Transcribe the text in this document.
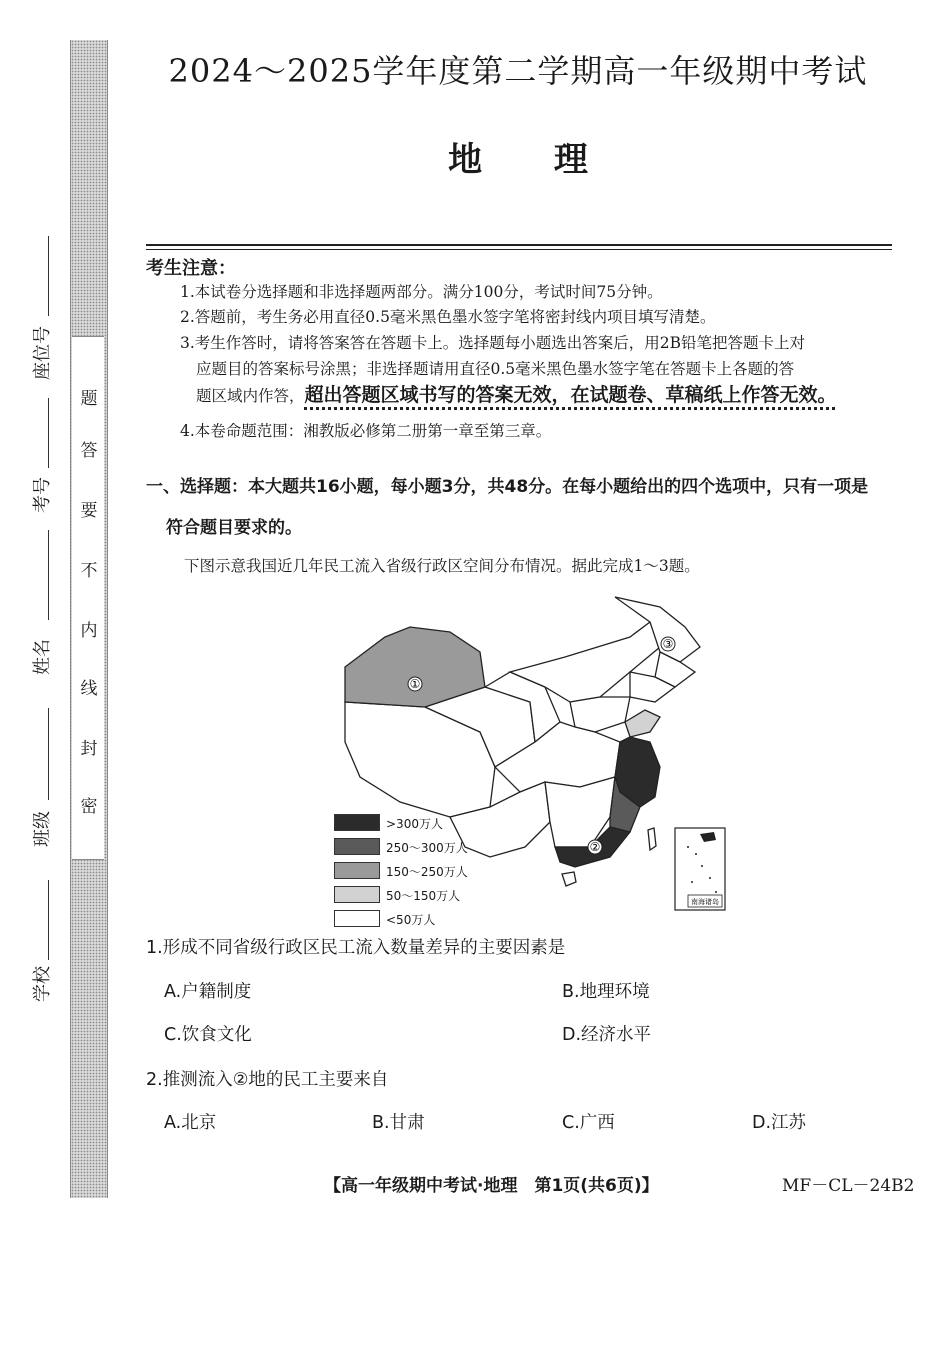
题
答
要
不
内
线
封
密
学校
班级
姓名
考号
座位号
2024～2025学年度第二学期高一年级期中考试
地 理
考生注意：
1.本试卷分选择题和非选择题两部分。满分100分，考试时间75分钟。
2.答题前，考生务必用直径0.5毫米黑色墨水签字笔将密封线内项目填写清楚。
3.考生作答时，请将答案答在答题卡上。选择题每小题选出答案后，用2B铅笔把答题卡上对
应题目的答案标号涂黑；非选择题请用直径0.5毫米黑色墨水签字笔在答题卡上各题的答
题区域内作答，超出答题区域书写的答案无效，在试题卷、草稿纸上作答无效。
4.本卷命题范围：湘教版必修第二册第一章至第三章。
一、选择题：本大题共16小题，每小题3分，共48分。在每小题给出的四个选项中，只有一项是
符合题目要求的。
下图示意我国近几年民工流入省级行政区空间分布情况。据此完成1～3题。
①
②
③
南海诸岛
>300万人
250～300万人
150～250万人
50～150万人
<50万人
1.形成不同省级行政区民工流入数量差异的主要因素是
A.户籍制度	B.地理环境
C.饮食文化	D.经济水平
2.推测流入②地的民工主要来自
A.北京	B.甘肃	C.广西	D.江苏
【高一年级期中考试·地理　第1页(共6页)】	MF－CL－24B2
